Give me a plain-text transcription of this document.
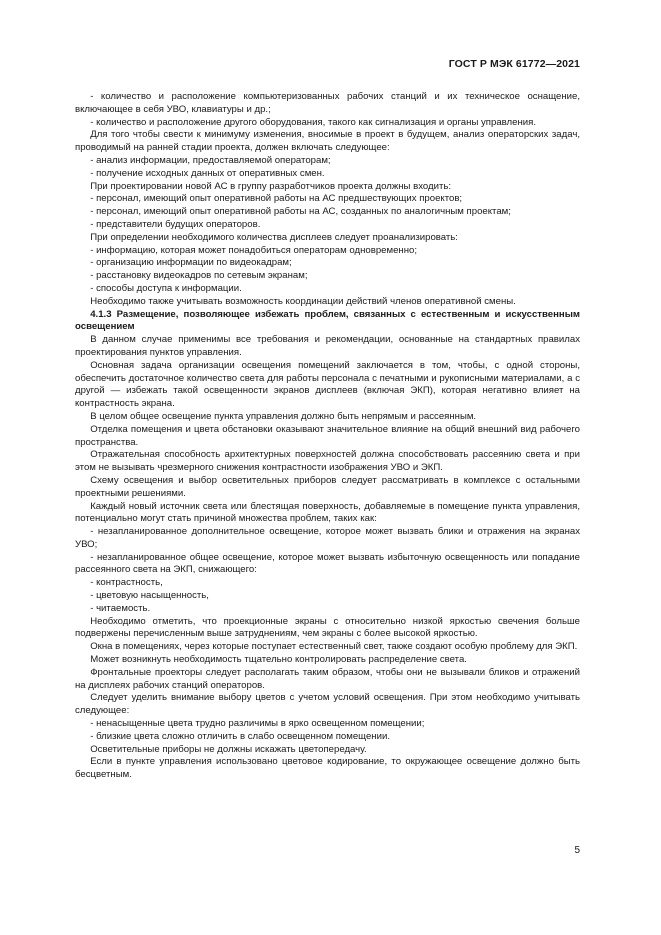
ГОСТ Р МЭК 61772—2021

- количество и расположение компьютеризованных рабочих станций и их техническое оснащение, включающее в себя УВО, клавиатуры и др.;

- количество и расположение другого оборудования, такого как сигнализация и органы управления.

Для того чтобы свести к минимуму изменения, вносимые в проект в будущем, анализ операторских задач, проводимый на ранней стадии проекта, должен включать следующее:

- анализ информации, предоставляемой операторам;

- получение исходных данных от оперативных смен.

При проектировании новой АС в группу разработчиков проекта должны входить:

- персонал, имеющий опыт оперативной работы на АС предшествующих проектов;

- персонал, имеющий опыт оперативной работы на АС, созданных по аналогичным проектам;

- представители будущих операторов.

При определении необходимого количества дисплеев следует проанализировать:

- информацию, которая может понадобиться операторам одновременно;

- организацию информации по видеокадрам;

- расстановку видеокадров по сетевым экранам;

- способы доступа к информации.

Необходимо также учитывать возможность координации действий членов оперативной смены.

4.1.3 Размещение, позволяющее избежать проблем, связанных с естественным и искусственным освещением

В данном случае применимы все требования и рекомендации, основанные на стандартных правилах проектирования пунктов управления.

Основная задача организации освещения помещений заключается в том, чтобы, с одной стороны, обеспечить достаточное количество света для работы персонала с печатными и рукописными материалами, а с другой — избежать такой освещенности экранов дисплеев (включая ЭКП), которая негативно влияет на контрастность экрана.

В целом общее освещение пункта управления должно быть непрямым и рассеянным.

Отделка помещения и цвета обстановки оказывают значительное влияние на общий внешний вид рабочего пространства.

Отражательная способность архитектурных поверхностей должна способствовать рассеянию света и при этом не вызывать чрезмерного снижения контрастности изображения УВО и ЭКП.

Схему освещения и выбор осветительных приборов следует рассматривать в комплексе с остальными проектными решениями.

Каждый новый источник света или блестящая поверхность, добавляемые в помещение пункта управления, потенциально могут стать причиной множества проблем, таких как:

- незапланированное дополнительное освещение, которое может вызвать блики и отражения на экранах УВО;

- незапланированное общее освещение, которое может вызвать избыточную освещенность или попадание рассеянного света на ЭКП, снижающего:

- контрастность,

- цветовую насыщенность,

- читаемость.

Необходимо отметить, что проекционные экраны с относительно низкой яркостью свечения больше подвержены перечисленным выше затруднениям, чем экраны с более высокой яркостью.

Окна в помещениях, через которые поступает естественный свет, также создают особую проблему для ЭКП.

Может возникнуть необходимость тщательно контролировать распределение света.

Фронтальные проекторы следует располагать таким образом, чтобы они не вызывали бликов и отражений на дисплеях рабочих станций операторов.

Следует уделить внимание выбору цветов с учетом условий освещения. При этом необходимо учитывать следующее:

- ненасыщенные цвета трудно различимы в ярко освещенном помещении;

- близкие цвета сложно отличить в слабо освещенном помещении.

Осветительные приборы не должны искажать цветопередачу.

Если в пункте управления использовано цветовое кодирование, то окружающее освещение должно быть бесцветным.

5
